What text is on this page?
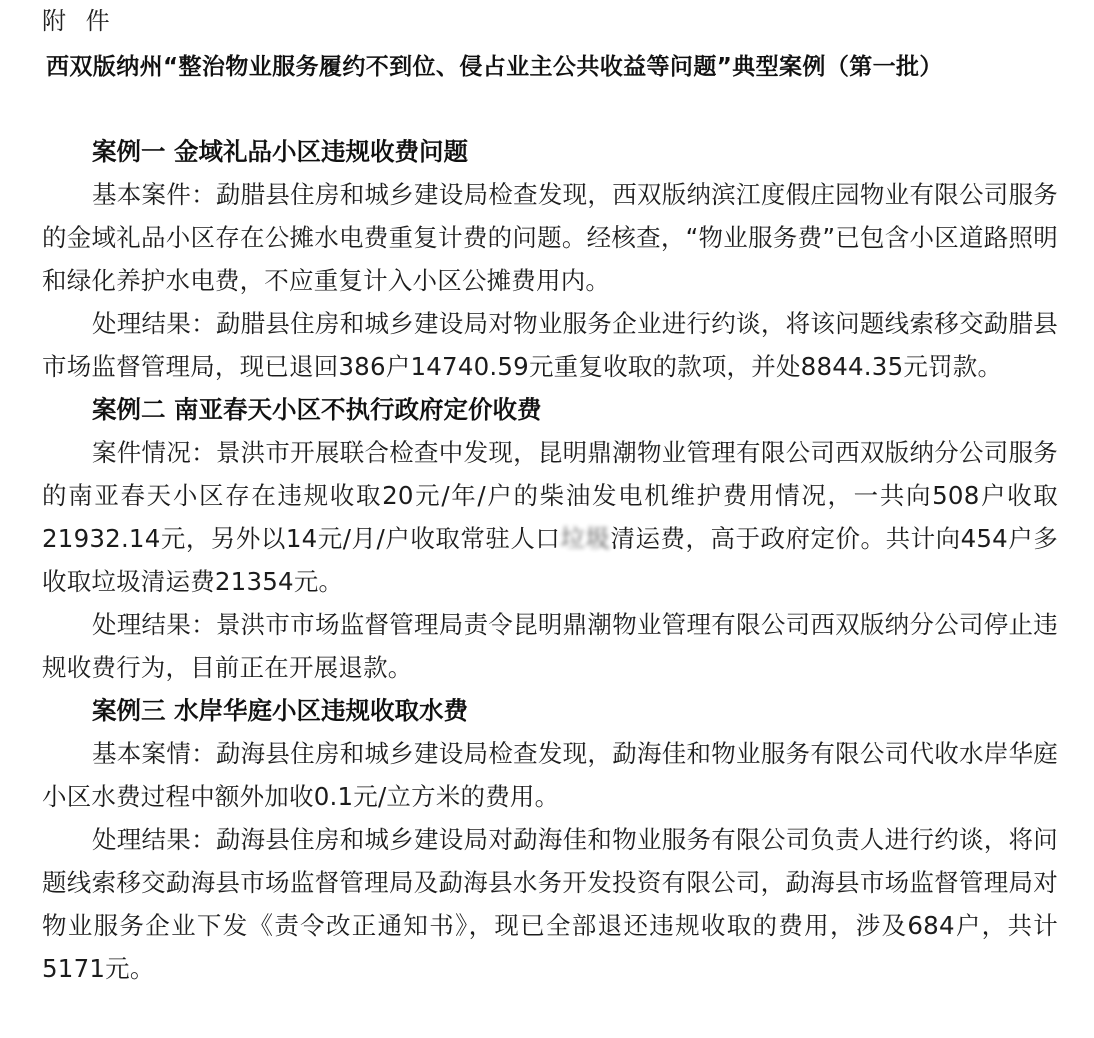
附 件
西双版纳州“整治物业服务履约不到位、侵占业主公共收益等问题”典型案例（第一批）
案例一 金域礼品小区违规收费问题

基本案件：勐腊县住房和城乡建设局检查发现，西双版纳滨江度假庄园物业有限公司服务的金域礼品小区存在公摊水电费重复计费的问题。经核查，“物业服务费”已包含小区道路照明和绿化养护水电费，不应重复计入小区公摊费用内。

处理结果：勐腊县住房和城乡建设局对物业服务企业进行约谈，将该问题线索移交勐腊县市场监督管理局，现已退回386户14740.59元重复收取的款项，并处8844.35元罚款。

案例二 南亚春天小区不执行政府定价收费

案件情况：景洪市开展联合检查中发现，昆明鼎潮物业管理有限公司西双版纳分公司服务的南亚春天小区存在违规收取20元/年/户的柴油发电机维护费用情况，一共向508户收取21932.14元，另外以14元/月/户收取常驻人口垃圾清运费，高于政府定价。共计向454户多收取垃圾清运费21354元。

处理结果：景洪市市场监督管理局责令昆明鼎潮物业管理有限公司西双版纳分公司停止违规收费行为，目前正在开展退款。

案例三 水岸华庭小区违规收取水费

基本案情：勐海县住房和城乡建设局检查发现，勐海佳和物业服务有限公司代收水岸华庭小区水费过程中额外加收0.1元/立方米的费用。

处理结果：勐海县住房和城乡建设局对勐海佳和物业服务有限公司负责人进行约谈，将问题线索移交勐海县市场监督管理局及勐海县水务开发投资有限公司，勐海县市场监督管理局对物业服务企业下发《责令改正通知书》，现已全部退还违规收取的费用，涉及684户，共计5171元。
